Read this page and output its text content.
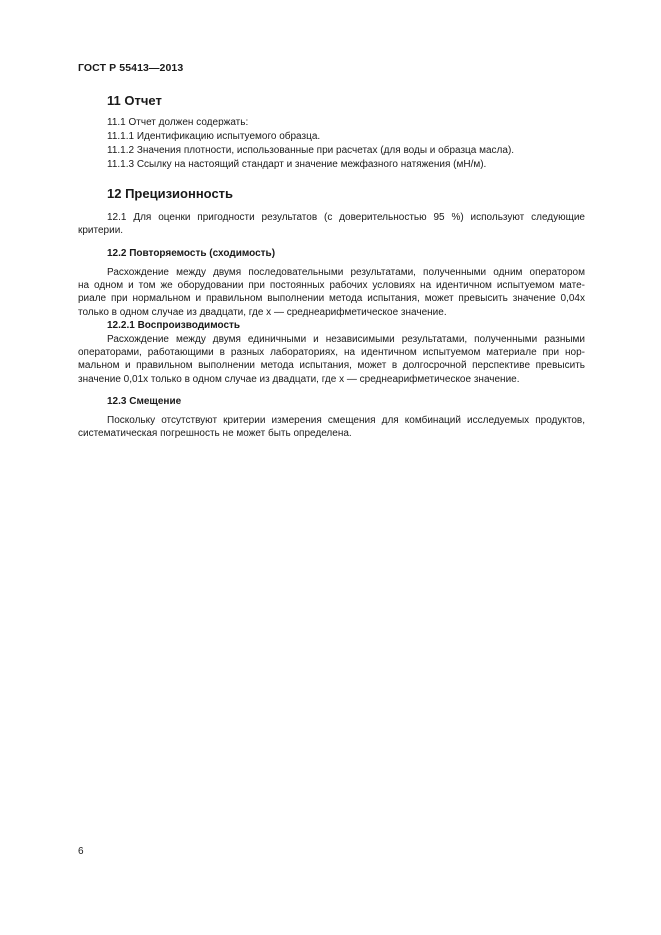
ГОСТ Р 55413—2013
11 Отчет
11.1 Отчет должен содержать:
11.1.1 Идентификацию испытуемого образца.
11.1.2 Значения плотности, использованные при расчетах (для воды и образца масла).
11.1.3 Ссылку на настоящий стандарт и значение межфазного натяжения (мН/м).
12 Прецизионность
12.1 Для оценки пригодности результатов (с доверительностью 95 %) используют следующие
критерии.
12.2 Повторяемость (сходимость)
Расхождение между двумя последовательными результатами, полученными одним оператором
на одном и том же оборудовании при постоянных рабочих условиях на идентичном испытуемом мате-
риале при нормальном и правильном выполнении метода испытания, может превысить значение 0,04x
только в одном случае из двадцати, где x — среднеарифметическое значение.
12.2.1 Воспроизводимость
Расхождение между двумя единичными и независимыми результатами, полученными разными
операторами, работающими в разных лабораториях, на идентичном испытуемом материале при нор-
мальном и правильном выполнении метода испытания, может в долгосрочной перспективе превысить
значение 0,01x только в одном случае из двадцати, где x — среднеарифметическое значение.
12.3 Смещение
Поскольку отсутствуют критерии измерения смещения для комбинаций исследуемых продуктов,
систематическая погрешность не может быть определена.
6
